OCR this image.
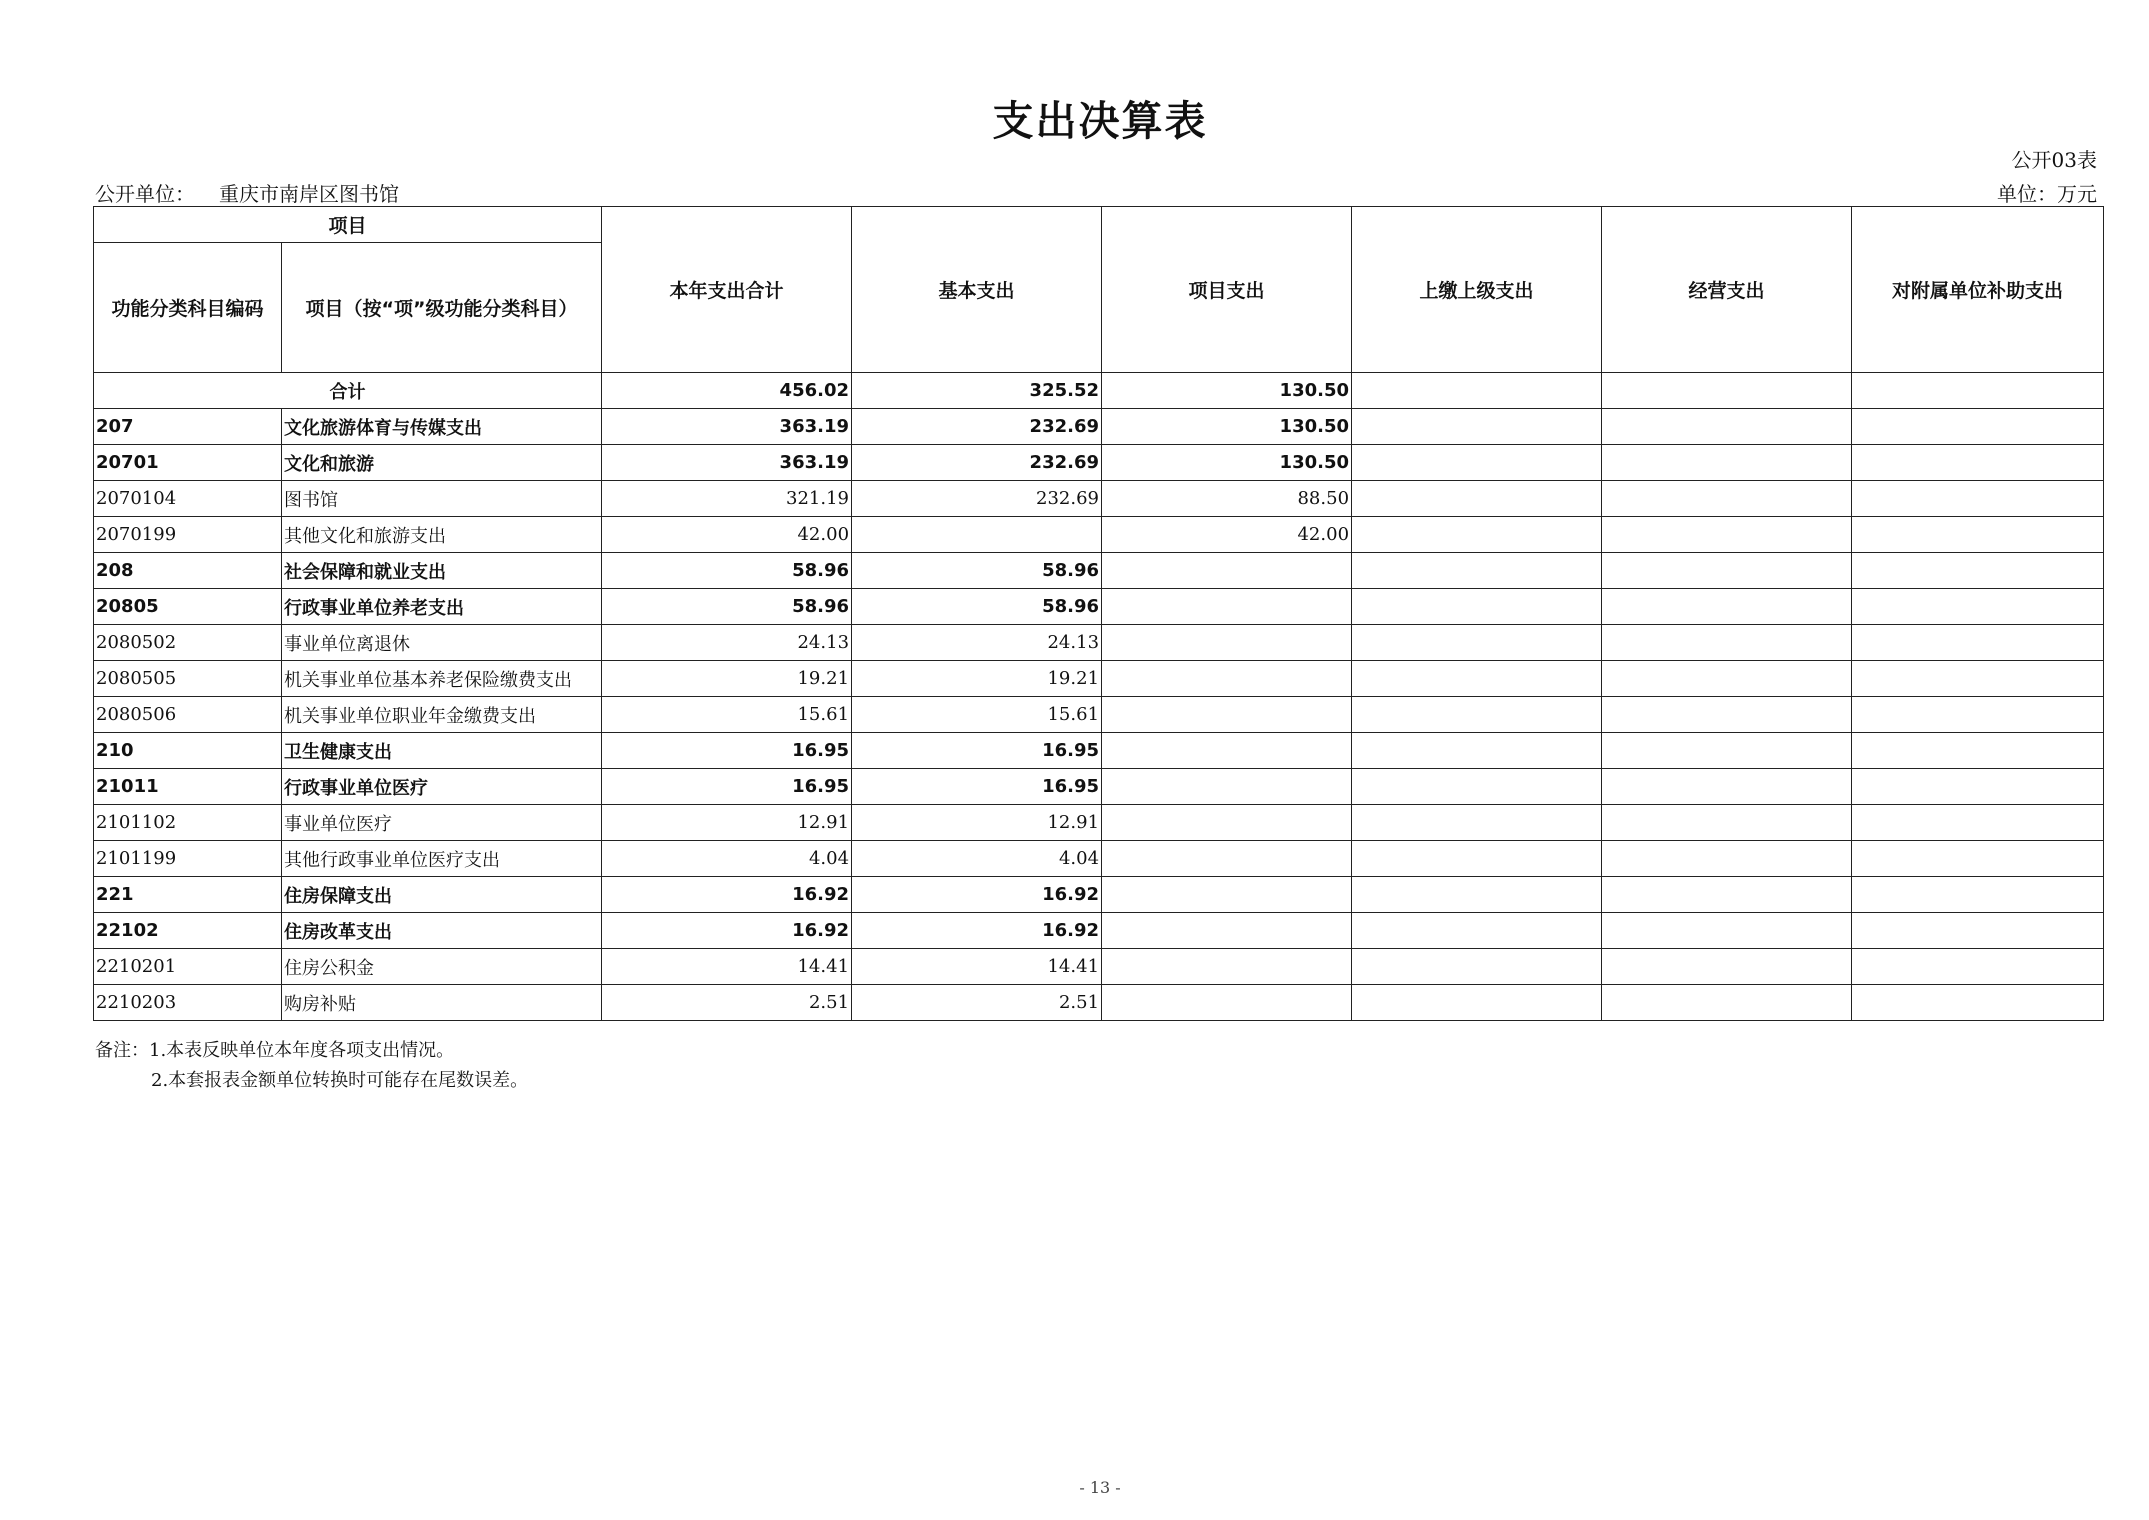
支出决算表
公开03表
公开单位： 重庆市南岸区图书馆	单位：万元
项目		本年支出合计	基本支出	项目支出	上缴上级支出	经营支出	对附属单位补助支出
功能分类科目编码	项目（按“项”级功能分类科目）						
合计		456.02	325.52	130.50			
207	文化旅游体育与传媒支出	363.19	232.69	130.50			
20701	文化和旅游	363.19	232.69	130.50			
2070104	图书馆	321.19	232.69	88.50			
2070199	其他文化和旅游支出	42.00		42.00			
208	社会保障和就业支出	58.96	58.96				
20805	行政事业单位养老支出	58.96	58.96				
2080502	事业单位离退休	24.13	24.13				
2080505	机关事业单位基本养老保险缴费支出	19.21	19.21				
2080506	机关事业单位职业年金缴费支出	15.61	15.61				
210	卫生健康支出	16.95	16.95				
21011	行政事业单位医疗	16.95	16.95				
2101102	事业单位医疗	12.91	12.91				
2101199	其他行政事业单位医疗支出	4.04	4.04				
221	住房保障支出	16.92	16.92				
22102	住房改革支出	16.92	16.92				
2210201	住房公积金	14.41	14.41				
2210203	购房补贴	2.51	2.51				
备注：1.本表反映单位本年度各项支出情况。
2.本套报表金额单位转换时可能存在尾数误差。
- 13 -
